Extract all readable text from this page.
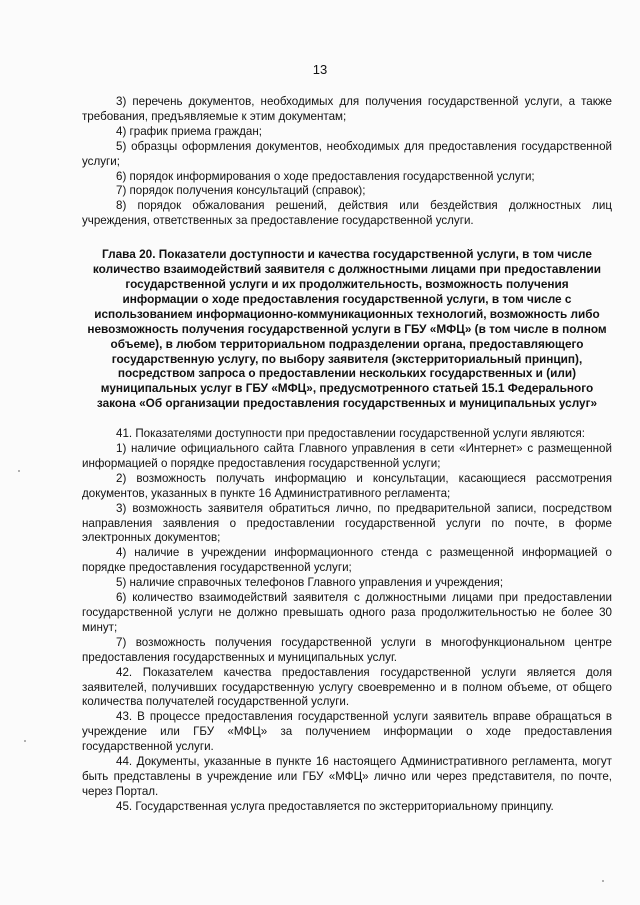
13

3) перечень документов, необходимых для получения государственной услуги, а также требования, предъявляемые к этим документам;

4) график приема граждан;

5) образцы оформления документов, необходимых для предоставления государственной услуги;

6) порядок информирования о ходе предоставления государственной услуги;

7) порядок получения консультаций (справок);

8) порядок обжалования решений, действия или бездействия должностных лиц учреждения, ответственных за предоставление государственной услуги.

Глава 20. Показатели доступности и качества государственной услуги, в том числе количество взаимодействий заявителя с должностными лицами при предоставлении государственной услуги и их продолжительность, возможность получения информации о ходе предоставления государственной услуги, в том числе с использованием информационно-коммуникационных технологий, возможность либо невозможность получения государственной услуги в ГБУ «МФЦ» (в том числе в полном объеме), в любом территориальном подразделении органа, предоставляющего государственную услугу, по выбору заявителя (экстерриториальный принцип), посредством запроса о предоставлении нескольких государственных и (или) муниципальных услуг в ГБУ «МФЦ», предусмотренного статьей 15.1 Федерального закона «Об организации предоставления государственных и муниципальных услуг»

41. Показателями доступности при предоставлении государственной услуги являются:

1) наличие официального сайта Главного управления в сети «Интернет» с размещенной информацией о порядке предоставления государственной услуги;

2) возможность получать информацию и консультации, касающиеся рассмотрения документов, указанных в пункте 16 Административного регламента;

3) возможность заявителя обратиться лично, по предварительной записи, посредством направления заявления о предоставлении государственной услуги по почте, в форме электронных документов;

4) наличие в учреждении информационного стенда с размещенной информацией о порядке предоставления государственной услуги;

5) наличие справочных телефонов Главного управления и учреждения;

6) количество взаимодействий заявителя с должностными лицами при предоставлении государственной услуги не должно превышать одного раза продолжительностью не более 30 минут;

7) возможность получения государственной услуги в многофункциональном центре предоставления государственных и муниципальных услуг.

42. Показателем качества предоставления государственной услуги является доля заявителей, получивших государственную услугу своевременно и в полном объеме, от общего количества получателей государственной услуги.

43. В процессе предоставления государственной услуги заявитель вправе обращаться в учреждение или ГБУ «МФЦ» за получением информации о ходе предоставления государственной услуги.

44. Документы, указанные в пункте 16 настоящего Административного регламента, могут быть представлены в учреждение или ГБУ «МФЦ» лично или через представителя, по почте, через Портал.

45. Государственная услуга предоставляется по экстерриториальному принципу.
